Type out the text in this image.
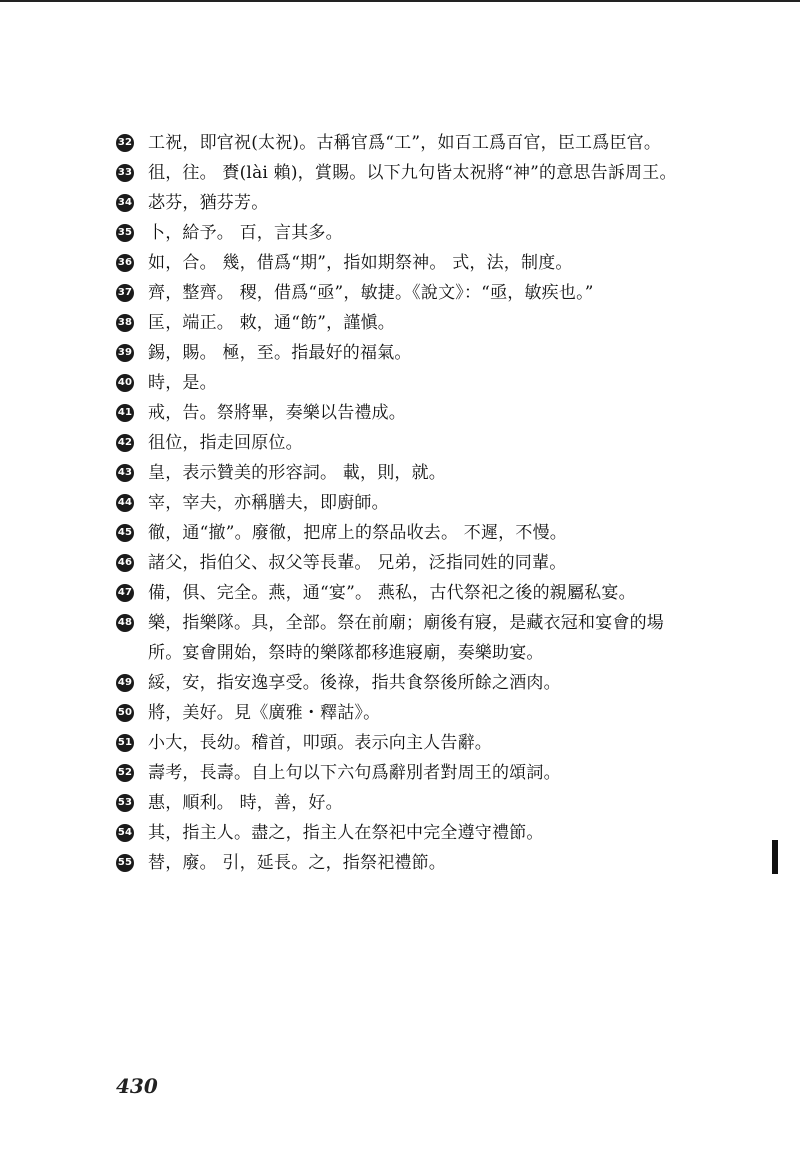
32 工祝，即官祝(太祝)。古稱官爲“工”，如百工爲百官，臣工爲臣官。
33 徂，往。 賚(lài 賴)，賞賜。以下九句皆太祝將“神”的意思告訴周王。
34 苾芬，猶芬芳。
35 卜，給予。 百，言其多。
36 如，合。 幾，借爲“期”，指如期祭神。 式，法，制度。
37 齊，整齊。 稷，借爲“亟”，敏捷。《說文》：“亟，敏疾也。”
38 匡，端正。 敕，通“飭”，謹愼。
39 錫，賜。 極，至。指最好的福氣。
40 時，是。
41 戒，告。祭將畢，奏樂以告禮成。
42 徂位，指走回原位。
43 皇，表示贊美的形容詞。 載，則，就。
44 宰，宰夫，亦稱膳夫，即廚師。
45 徹，通“撤”。廢徹，把席上的祭品收去。 不遲，不慢。
46 諸父，指伯父、叔父等長輩。 兄弟，泛指同姓的同輩。
47 備，俱、完全。燕，通“宴”。 燕私，古代祭祀之後的親屬私宴。
48 樂，指樂隊。具，全部。祭在前廟；廟後有寢，是藏衣冠和宴會的場所。宴會開始，祭時的樂隊都移進寢廟，奏樂助宴。
49 綏，安，指安逸享受。後祿，指共食祭後所餘之酒肉。
50 將，美好。見《廣雅・釋詁》。
51 小大，長幼。稽首，叩頭。表示向主人告辭。
52 壽考，長壽。自上句以下六句爲辭別者對周王的頌詞。
53 惠，順利。 時，善，好。
54 其，指主人。盡之，指主人在祭祀中完全遵守禮節。
55 替，廢。 引，延長。之，指祭祀禮節。
430
